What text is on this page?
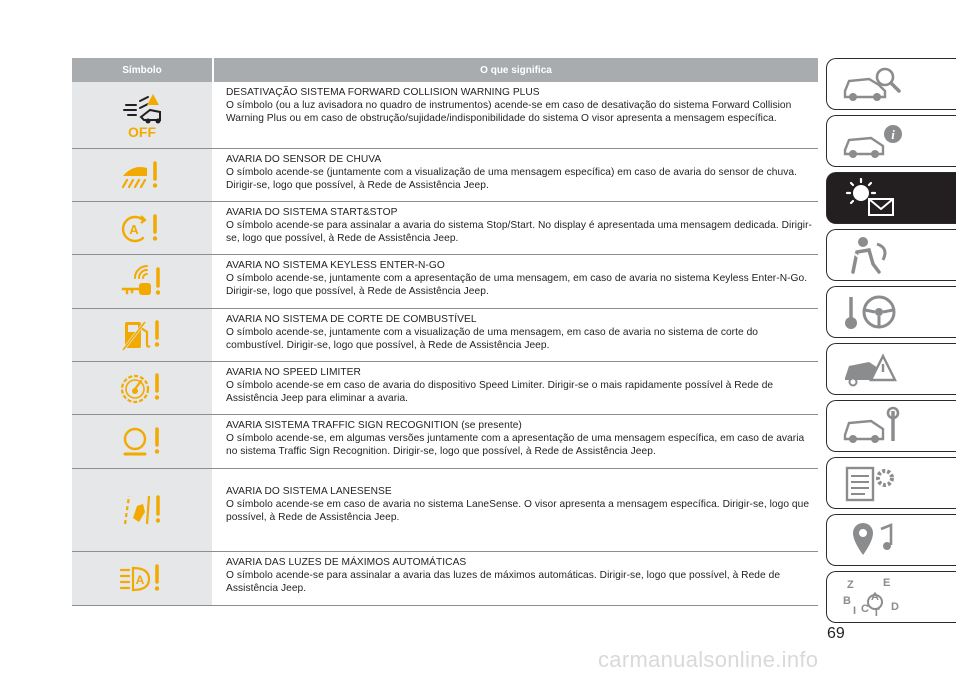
Símbolo	O que significa
OFF
DESATIVAÇÃO SISTEMA FORWARD COLLISION WARNING PLUS
O símbolo (ou a luz avisadora no quadro de instrumentos) acende-se em caso de desativação do sistema Forward Collision Warning Plus ou em caso de obstrução/sujidade/indisponibilidade do sistema O visor apresenta a mensagem específica.
AVARIA DO SENSOR DE CHUVA
O símbolo acende-se (juntamente com a visualização de uma mensagem específica) em caso de avaria do sensor de chuva. Dirigir-se, logo que possível, à Rede de Assistência Jeep.
A
AVARIA DO SISTEMA START&STOP
O símbolo acende-se para assinalar a avaria do sistema Stop/Start. No display é apresentada uma mensagem dedicada. Dirigir-se, logo que possível, à Rede de Assistência Jeep.
AVARIA NO SISTEMA KEYLESS ENTER-N-GO
O símbolo acende-se, juntamente com a apresentação de uma mensagem, em caso de avaria no sistema Keyless Enter-N-Go. Dirigir-se, logo que possível, à Rede de Assistência Jeep.
AVARIA NO SISTEMA DE CORTE DE COMBUSTÍVEL
O símbolo acende-se, juntamente com a visualização de uma mensagem, em caso de avaria no sistema de corte do combustível. Dirigir-se, logo que possível, à Rede de Assistência Jeep.
AVARIA NO SPEED LIMITER
O símbolo acende-se em caso de avaria do dispositivo Speed Limiter. Dirigir-se o mais rapidamente possível à Rede de Assistência Jeep para eliminar a avaria.
AVARIA SISTEMA TRAFFIC SIGN RECOGNITION (se presente)
O símbolo acende-se, em algumas versões juntamente com a apresentação de uma mensagem específica, em caso de avaria no sistema Traffic Sign Recognition. Dirigir-se, logo que possível, à Rede de Assistência Jeep.
AVARIA DO SISTEMA LANESENSE
O símbolo acende-se em caso de avaria no sistema LaneSense. O visor apresenta a mensagem específica. Dirigir-se, logo que possível, à Rede de Assistência Jeep.
A
AVARIA DAS LUZES DE MÁXIMOS AUTOMÁTICAS
O símbolo acende-se para assinalar a avaria das luzes de máximos automáticas. Dirigir-se, logo que possível, à Rede de Assistência Jeep.
i
Z	E
B A
I C T D
69
carmanualsonline.info
